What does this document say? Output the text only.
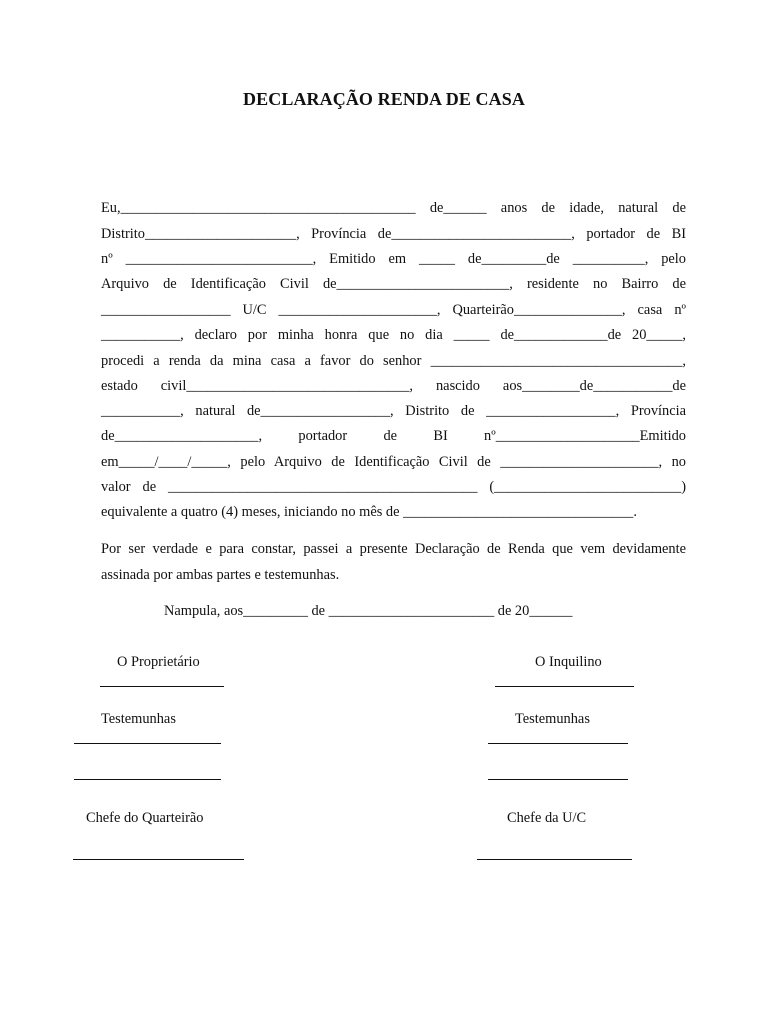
DECLARAÇÃO RENDA DE CASA
Eu,_________________________________________ de______ anos de idade, natural de
Distrito_____________________, Província de_________________________, portador de BI
nº __________________________, Emitido em _____ de_________de __________, pelo
Arquivo de Identificação Civil de________________________, residente no Bairro de
__________________ U/C ______________________, Quarteirão_______________, casa nº
___________, declaro por minha honra que no dia _____ de_____________de 20_____,
procedi a renda da mina casa a favor do senhor ___________________________________,
estado civil_______________________________, nascido aos________de___________de
___________, natural de__________________, Distrito de __________________, Província
de____________________, portador de BI nº____________________Emitido
em_____/____/_____, pelo Arquivo de Identificação Civil de ______________________, no
valor de ___________________________________________ (__________________________)
equivalente a quatro (4) meses, iniciando no mês de ________________________________.
Por ser verdade e para constar, passei a presente Declaração de Renda que vem devidamente
assinada por ambas partes e testemunhas.
Nampula, aos_________ de _______________________ de 20______
O Proprietário	O Inquilino
Testemunhas	Testemunhas
Chefe do Quarteirão	Chefe da U/C
